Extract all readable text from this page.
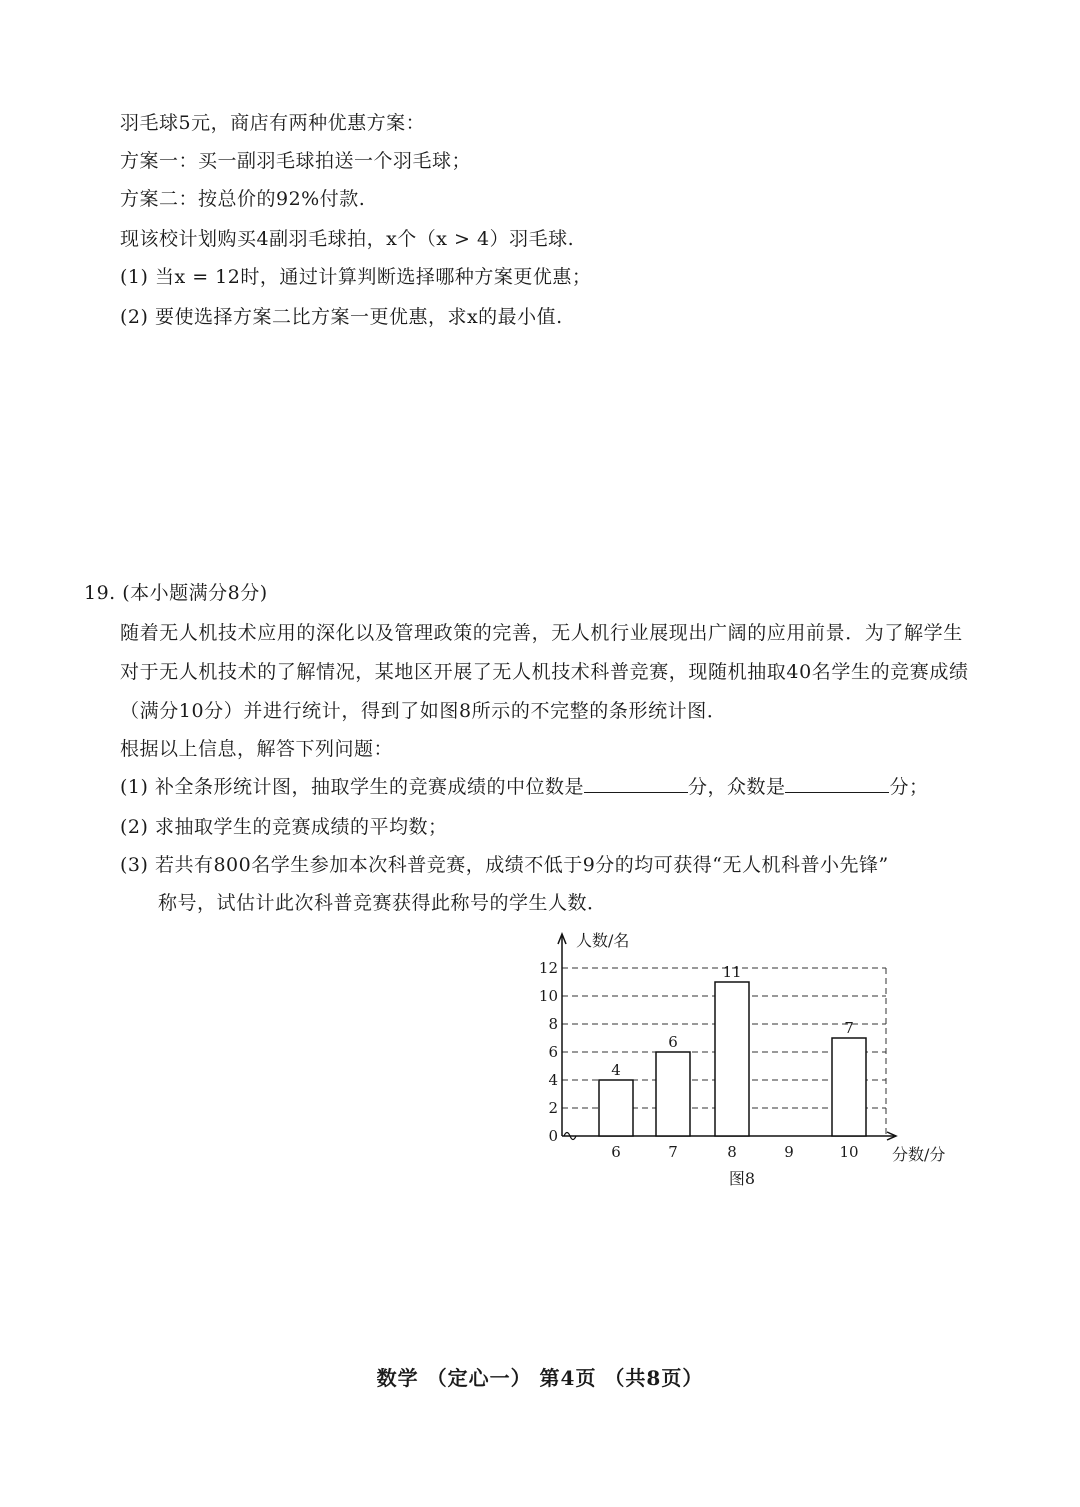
羽毛球5元，商店有两种优惠方案：
方案一：买一副羽毛球拍送一个羽毛球；
方案二：按总价的92%付款.
现该校计划购买4副羽毛球拍，x个（x > 4）羽毛球.
(1) 当x = 12时，通过计算判断选择哪种方案更优惠；
(2) 要使选择方案二比方案一更优惠，求x的最小值.
19. (本小题满分8分)
随着无人机技术应用的深化以及管理政策的完善，无人机行业展现出广阔的应用前景．为了解学生对于无人机技术的了解情况，某地区开展了无人机技术科普竞赛，现随机抽取40名学生的竞赛成绩（满分10分）并进行统计，得到了如图8所示的不完整的条形统计图．
根据以上信息，解答下列问题：
(1) 补全条形统计图，抽取学生的竞赛成绩的中位数是	分，众数是	分；
(2) 求抽取学生的竞赛成绩的平均数；
(3) 若共有800名学生参加本次科普竞赛，成绩不低于9分的均可获得“无人机科普小先锋”
称号，试估计此次科普竞赛获得此称号的学生人数．
0
2
4
6
8
10
12
4
6
6
7
11
8	9
7
10
人数/名
分数/分
图8
数学 （定心一） 第4页 （共8页）
